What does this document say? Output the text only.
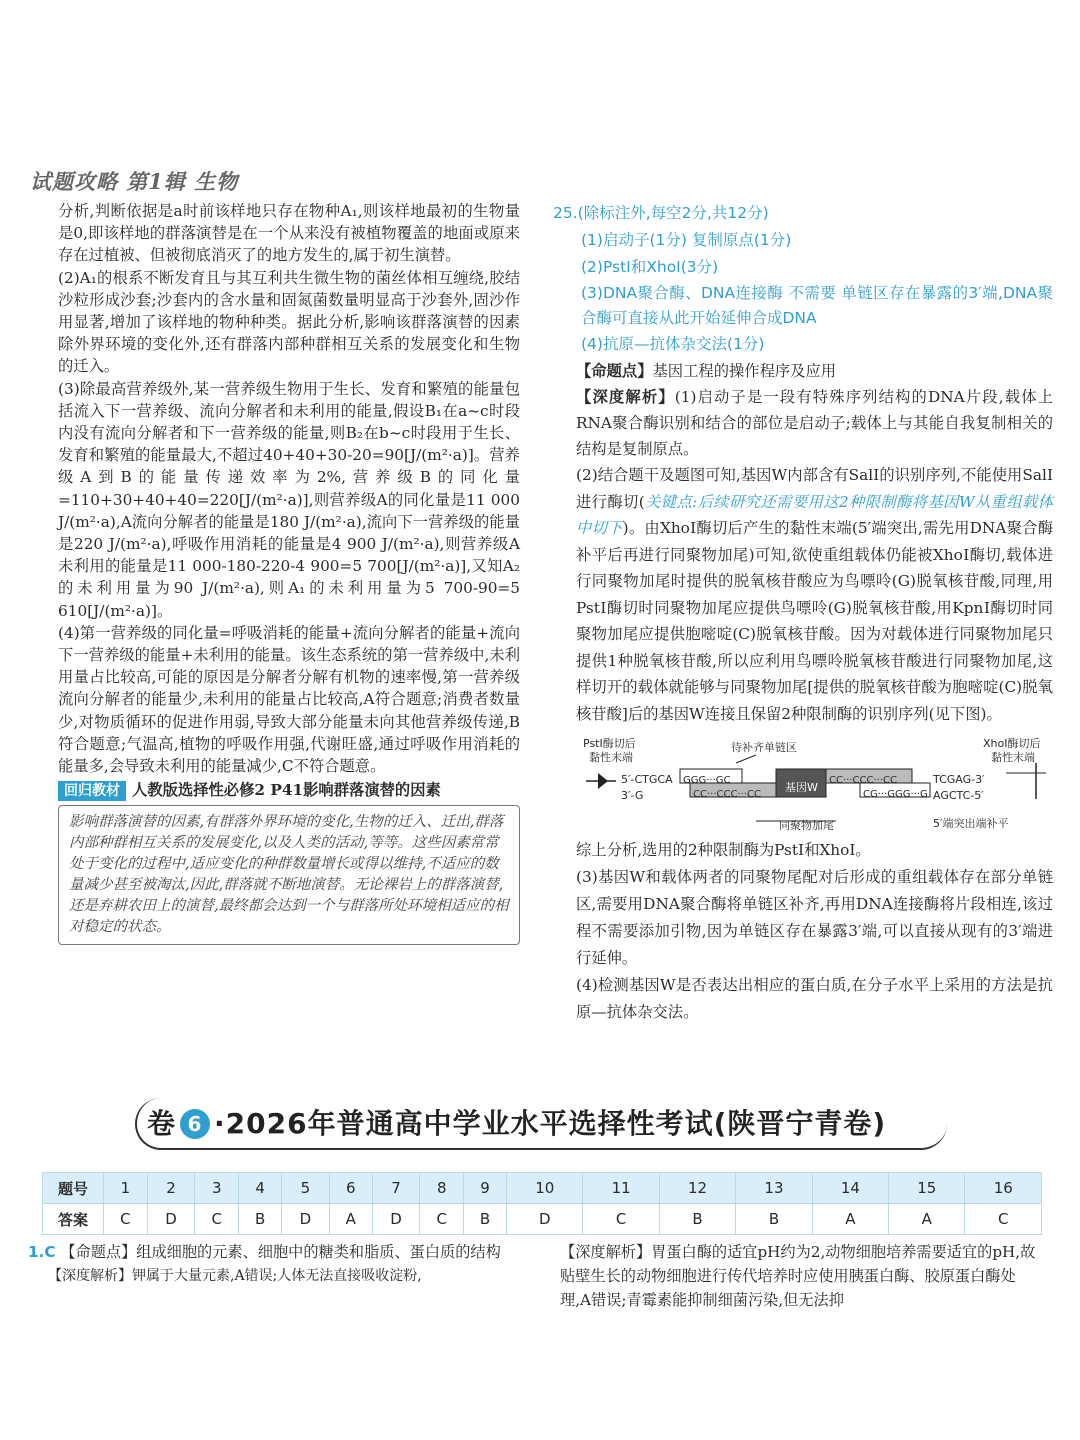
试题攻略 第1辑 生物

分析,判断依据是a时前该样地只存在物种A₁,则该样地最初的生物量是0,即该样地的群落演替是在一个从来没有被植物覆盖的地面或原来存在过植被、但被彻底消灭了的地方发生的,属于初生演替。

(2)A₁的根系不断发育且与其互利共生微生物的菌丝体相互缠绕,胶结沙粒形成沙套;沙套内的含水量和固氮菌数量明显高于沙套外,固沙作用显著,增加了该样地的物种种类。据此分析,影响该群落演替的因素除外界环境的变化外,还有群落内部种群相互关系的发展变化和生物的迁入。

(3)除最高营养级外,某一营养级生物用于生长、发育和繁殖的能量包括流入下一营养级、流向分解者和未利用的能量,假设B₁在a~c时段内没有流向分解者和下一营养级的能量,则B₂在b~c时段用于生长、发育和繁殖的能量最大,不超过40+40+30-20=90[J/(m²·a)]。营养级A到B的能量传递效率为2%,营养级B的同化量=110+30+40+40=220[J/(m²·a)],则营养级A的同化量是11 000 J/(m²·a),A流向分解者的能量是180 J/(m²·a),流向下一营养级的能量是220 J/(m²·a),呼吸作用消耗的能量是4 900 J/(m²·a),则营养级A未利用的能量是11 000-180-220-4 900=5 700[J/(m²·a)],又知A₂的未利用量为90 J/(m²·a),则A₁的未利用量为5 700-90=5 610[J/(m²·a)]。

(4)第一营养级的同化量=呼吸消耗的能量+流向分解者的能量+流向下一营养级的能量+未利用的能量。该生态系统的第一营养级中,未利用量占比较高,可能的原因是分解者分解有机物的速率慢,第一营养级流向分解者的能量少,未利用的能量占比较高,A符合题意;消费者数量少,对物质循环的促进作用弱,导致大部分能量未向其他营养级传递,B符合题意;气温高,植物的呼吸作用强,代谢旺盛,通过呼吸作用消耗的能量多,会导致未利用的能量减少,C不符合题意。

回归教材 人教版选择性必修2 P41影响群落演替的因素
影响群落演替的因素,有群落外界环境的变化,生物的迁入、迁出,群落内部种群相互关系的发展变化,以及人类的活动,等等。这些因素常常处于变化的过程中,适应变化的种群数量增长或得以维持,不适应的数量减少甚至被淘汰,因此,群落就不断地演替。无论裸岩上的群落演替,还是弃耕农田上的演替,最终都会达到一个与群落所处环境相适应的相对稳定的状态。

25.(除标注外,每空2分,共12分)

(1)启动子(1分) 复制原点(1分)

(2)PstⅠ和XhoⅠ(3分)

(3)DNA聚合酶、DNA连接酶 不需要 单链区存在暴露的3′端,DNA聚合酶可直接从此开始延伸合成DNA

(4)抗原—抗体杂交法(1分)

【命题点】基因工程的操作程序及应用

【深度解析】(1)启动子是一段有特殊序列结构的DNA片段,载体上RNA聚合酶识别和结合的部位是启动子;载体上与其能自我复制相关的结构是复制原点。

(2)结合题干及题图可知,基因W内部含有SalⅠ的识别序列,不能使用SalⅠ进行酶切(关键点:后续研究还需要用这2种限制酶将基因W从重组载体中切下)。由XhoⅠ酶切后产生的黏性末端(5′端突出,需先用DNA聚合酶补平后再进行同聚物加尾)可知,欲使重组载体仍能被XhoⅠ酶切,载体进行同聚物加尾时提供的脱氧核苷酸应为鸟嘌呤(G)脱氧核苷酸,同理,用PstⅠ酶切时同聚物加尾应提供鸟嘌呤(G)脱氧核苷酸,用KpnⅠ酶切时同聚物加尾应提供胞嘧啶(C)脱氧核苷酸。因为对载体进行同聚物加尾只提供1种脱氧核苷酸,所以应利用鸟嘌呤脱氧核苷酸进行同聚物加尾,这样切开的载体就能够与同聚物加尾[提供的脱氧核苷酸为胞嘧啶(C)脱氧核苷酸]后的基因W连接且保留2种限制酶的识别序列(见下图)。

PstⅠ酶切后
黏性末端
待补齐单链区	XhoⅠ酶切后
黏性末端
5′-CTGCA
3′-G
GGG···GC
CC···CCC···CC
基因W
CC···CCC···CC
CG···GGG···G
TCGAG-3′
AGCTC-5′
同聚物加尾	5′端突出端补平

综上分析,选用的2种限制酶为PstⅠ和XhoⅠ。

(3)基因W和载体两者的同聚物尾配对后形成的重组载体存在部分单链区,需要用DNA聚合酶将单链区补齐,再用DNA连接酶将片段相连,该过程不需要添加引物,因为单链区存在暴露3′端,可以直接从现有的3′端进行延伸。

(4)检测基因W是否表达出相应的蛋白质,在分子水平上采用的方法是抗原—抗体杂交法。

卷 6 ·2026年普通高中学业水平选择性考试(陕晋宁青卷)
题号	1	2	3	4	5	6	7	8	9	10	11	12	13	14	15	16
答案	C	D	C	B	D	A	D	C	B	D	C	B	B	A	A	C

1.C 【命题点】组成细胞的元素、细胞中的糖类和脂质、蛋白质的结构

【深度解析】钾属于大量元素,A错误;人体无法直接吸收淀粉,

【深度解析】胃蛋白酶的适宜pH约为2,动物细胞培养需要适宜的pH,故贴壁生长的动物细胞进行传代培养时应使用胰蛋白酶、胶原蛋白酶处理,A错误;青霉素能抑制细菌污染,但无法抑
